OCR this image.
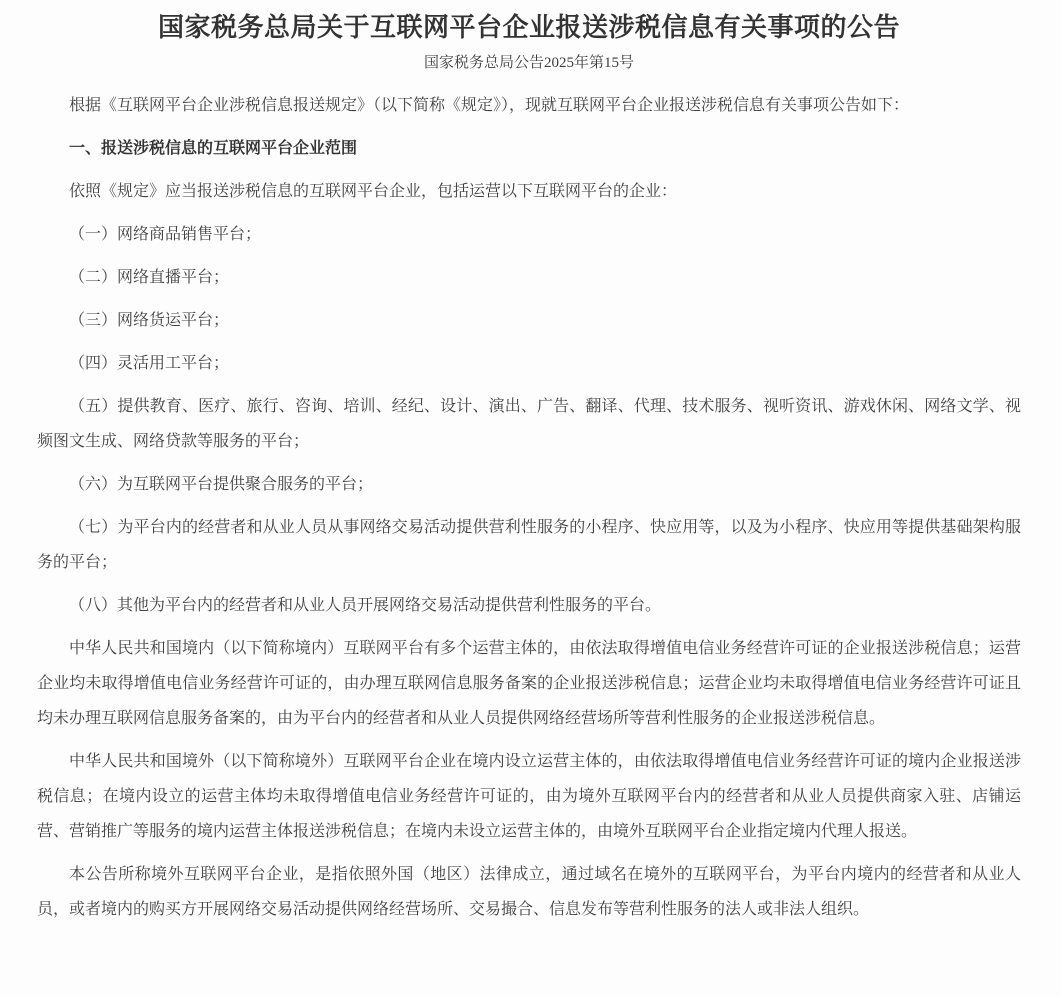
国家税务总局关于互联网平台企业报送涉税信息有关事项的公告
国家税务总局公告2025年第15号

根据《互联网平台企业涉税信息报送规定》（以下简称《规定》），现就互联网平台企业报送涉税信息有关事项公告如下：

一、报送涉税信息的互联网平台企业范围

依照《规定》应当报送涉税信息的互联网平台企业，包括运营以下互联网平台的企业：

（一）网络商品销售平台；

（二）网络直播平台；

（三）网络货运平台；

（四）灵活用工平台；

（五）提供教育、医疗、旅行、咨询、培训、经纪、设计、演出、广告、翻译、代理、技术服务、视听资讯、游戏休闲、网络文学、视频图文生成、网络贷款等服务的平台；

（六）为互联网平台提供聚合服务的平台；

（七）为平台内的经营者和从业人员从事网络交易活动提供营利性服务的小程序、快应用等，以及为小程序、快应用等提供基础架构服务的平台；

（八）其他为平台内的经营者和从业人员开展网络交易活动提供营利性服务的平台。

中华人民共和国境内（以下简称境内）互联网平台有多个运营主体的，由依法取得增值电信业务经营许可证的企业报送涉税信息；运营企业均未取得增值电信业务经营许可证的，由办理互联网信息服务备案的企业报送涉税信息；运营企业均未取得增值电信业务经营许可证且均未办理互联网信息服务备案的，由为平台内的经营者和从业人员提供网络经营场所等营利性服务的企业报送涉税信息。

中华人民共和国境外（以下简称境外）互联网平台企业在境内设立运营主体的，由依法取得增值电信业务经营许可证的境内企业报送涉税信息；在境内设立的运营主体均未取得增值电信业务经营许可证的，由为境外互联网平台内的经营者和从业人员提供商家入驻、店铺运营、营销推广等服务的境内运营主体报送涉税信息；在境内未设立运营主体的，由境外互联网平台企业指定境内代理人报送。

本公告所称境外互联网平台企业，是指依照外国（地区）法律成立，通过域名在境外的互联网平台，为平台内境内的经营者和从业人员，或者境内的购买方开展网络交易活动提供网络经营场所、交易撮合、信息发布等营利性服务的法人或非法人组织。
